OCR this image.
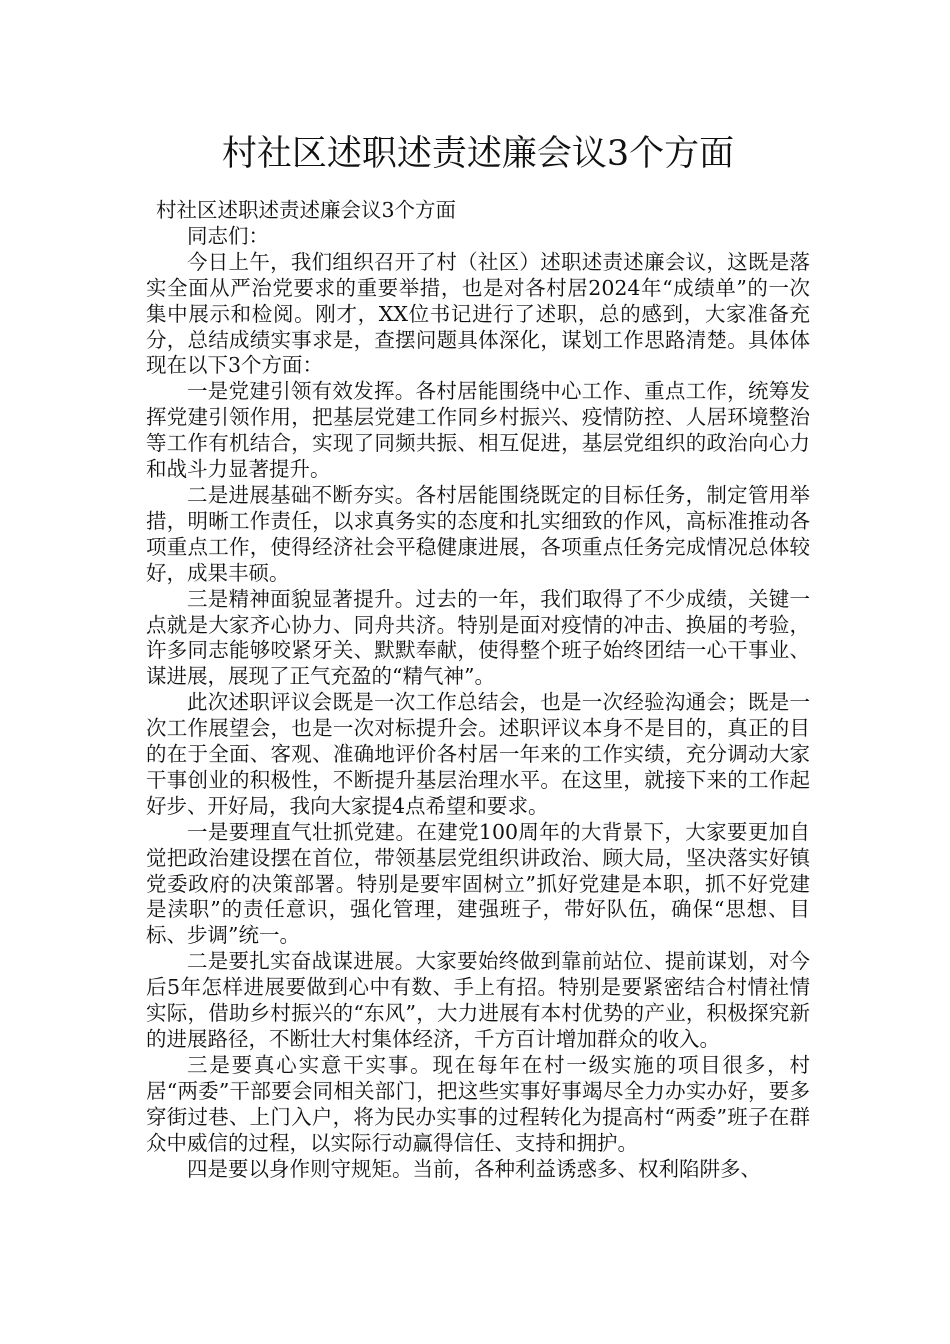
村社区述职述责述廉会议3个方面

村社区述职述责述廉会议3个方面

同志们：

今日上午，我们组织召开了村（社区）述职述责述廉会议，这既是落实全面从严治党要求的重要举措，也是对各村居2024年“成绩单”的一次集中展示和检阅。刚才，XX位书记进行了述职，总的感到，大家准备充分，总结成绩实事求是，查摆问题具体深化，谋划工作思路清楚。具体体现在以下3个方面：

一是党建引领有效发挥。各村居能围绕中心工作、重点工作，统筹发挥党建引领作用，把基层党建工作同乡村振兴、疫情防控、人居环境整治等工作有机结合，实现了同频共振、相互促进，基层党组织的政治向心力和战斗力显著提升。

二是进展基础不断夯实。各村居能围绕既定的目标任务，制定管用举措，明晰工作责任，以求真务实的态度和扎实细致的作风，高标准推动各项重点工作，使得经济社会平稳健康进展，各项重点任务完成情况总体较好，成果丰硕。

三是精神面貌显著提升。过去的一年，我们取得了不少成绩，关键一点就是大家齐心协力、同舟共济。特别是面对疫情的冲击、换届的考验，许多同志能够咬紧牙关、默默奉献，使得整个班子始终团结一心干事业、谋进展，展现了正气充盈的“精气神”。

此次述职评议会既是一次工作总结会，也是一次经验沟通会；既是一次工作展望会，也是一次对标提升会。述职评议本身不是目的，真正的目的在于全面、客观、准确地评价各村居一年来的工作实绩，充分调动大家干事创业的积极性，不断提升基层治理水平。在这里，就接下来的工作起好步、开好局，我向大家提4点希望和要求。

一是要理直气壮抓党建。在建党100周年的大背景下，大家要更加自觉把政治建设摆在首位，带领基层党组织讲政治、顾大局，坚决落实好镇党委政府的决策部署。特别是要牢固树立”抓好党建是本职，抓不好党建是渎职”的责任意识，强化管理，建强班子，带好队伍，确保“思想、目标、步调”统一。

二是要扎实奋战谋进展。大家要始终做到靠前站位、提前谋划，对今后5年怎样进展要做到心中有数、手上有招。特别是要紧密结合村情社情实际，借助乡村振兴的“东风”，大力进展有本村优势的产业，积极探究新的进展路径，不断壮大村集体经济，千方百计增加群众的收入。

三是要真心实意干实事。现在每年在村一级实施的项目很多，村居“两委”干部要会同相关部门，把这些实事好事竭尽全力办实办好，要多穿街过巷、上门入户，将为民办实事的过程转化为提高村“两委”班子在群众中威信的过程，以实际行动赢得信任、支持和拥护。

四是要以身作则守规矩。当前，各种利益诱惑多、权利陷阱多、
